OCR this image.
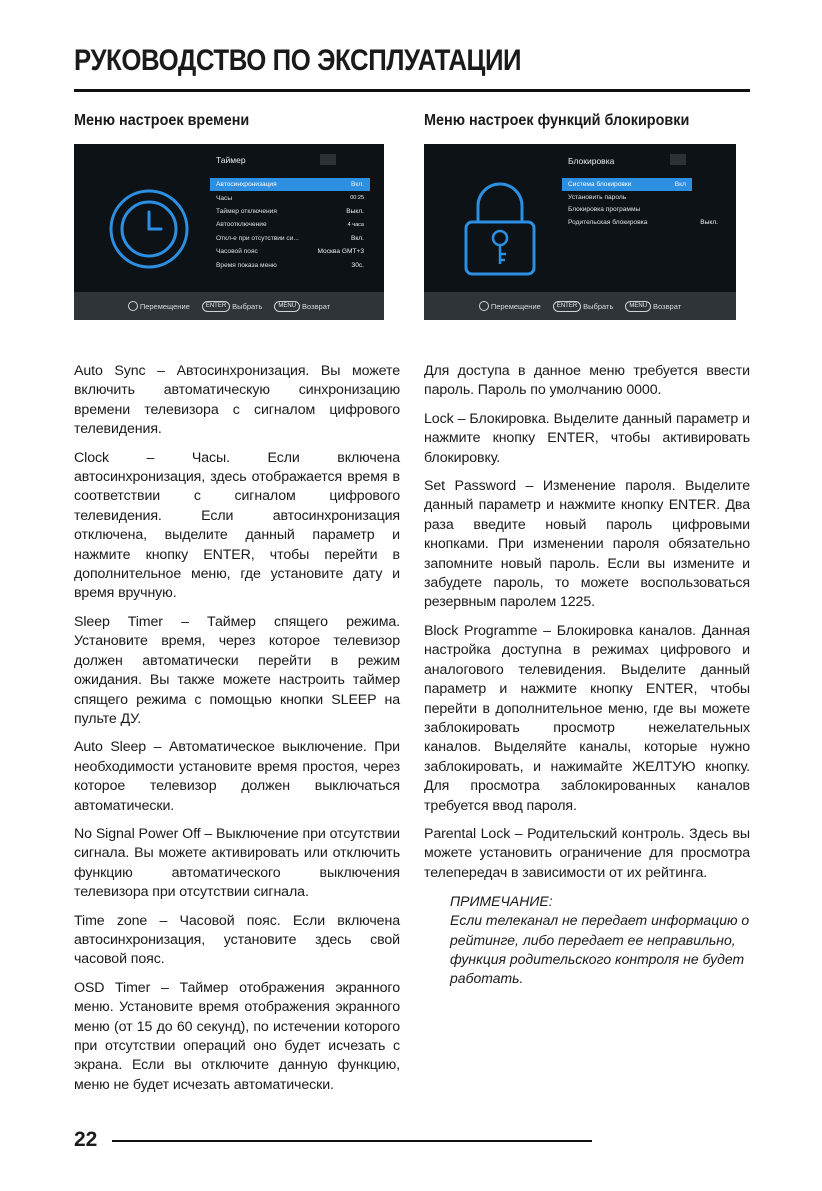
РУКОВОДСТВО ПО ЭКСПЛУАТАЦИИ
Меню настроек времени
Таймер
Автосинхронизация	Вкл.
Часы	00:25
Таймер отключения	Выкл.
Автоотключение	4 часа
Откл-е при отсутствии си...	Вкл.
Часовой пояс	Москва GMT+3
Время показа меню	30с.
Перемещение	ENTER Выбрать	MENU Возврат

Auto Sync – Автосинхронизация. Вы можете включить автоматическую синхронизацию времени телевизора с сигналом цифрового телевидения.

Clock – Часы. Если включена автосинхронизация, здесь отображается время в соответствии с сигналом цифрового телевидения. Если автосинхронизация отключена, выделите данный параметр и нажмите кнопку ENTER, чтобы перейти в дополнительное меню, где установите дату и время вручную.

Sleep Timer – Таймер спящего режима. Установите время, через которое телевизор должен автоматически перейти в режим ожидания. Вы также можете настроить таймер спящего режима с помощью кнопки SLEEP на пульте ДУ.

Auto Sleep – Автоматическое выключение. При необходимости установите время простоя, через которое телевизор должен выключаться автоматически.

No Signal Power Off – Выключение при отсутствии сигнала. Вы можете активировать или отключить функцию автоматического выключения телевизора при отсутствии сигнала.

Time zone – Часовой пояс. Если включена автосинхронизация, установите здесь свой часовой пояс.

OSD Timer – Таймер отображения экранного меню. Установите время отображения экранного меню (от 15 до 60 секунд), по истечении которого при отсутствии операций оно будет исчезать с экрана. Если вы отключите данную функцию, меню не будет исчезать автоматически.

Меню настроек функций блокировки
Блокировка
Система блокировки	Вкл
Установить пароль
Блокировка программы
Родительская блокировка	Выкл.
Перемещение	ENTER Выбрать	MENU Возврат

Для доступа в данное меню требуется ввести пароль. Пароль по умолчанию 0000.

Lock – Блокировка. Выделите данный параметр и нажмите кнопку ENTER, чтобы активировать блокировку.

Set Password – Изменение пароля. Выделите данный параметр и нажмите кнопку ENTER. Два раза введите новый пароль цифровыми кнопками. При изменении пароля обязательно запомните новый пароль. Если вы измените и забудете пароль, то можете воспользоваться резервным паролем 1225.

Block Programme – Блокировка каналов. Данная настройка доступна в режимах цифрового и аналогового телевидения. Выделите данный параметр и нажмите кнопку ENTER, чтобы перейти в дополнительное меню, где вы можете заблокировать просмотр нежелательных каналов. Выделяйте каналы, которые нужно заблокировать, и нажимайте ЖЕЛТУЮ кнопку. Для просмотра заблокированных каналов требуется ввод пароля.

Parental Lock – Родительский контроль. Здесь вы можете установить ограничение для просмотра телепередач в зависимости от их рейтинга.

ПРИМЕЧАНИЕ:

Если телеканал не передает информацию о рейтинге, либо передает ее неправильно, функция родительского контроля не будет работать.

22
